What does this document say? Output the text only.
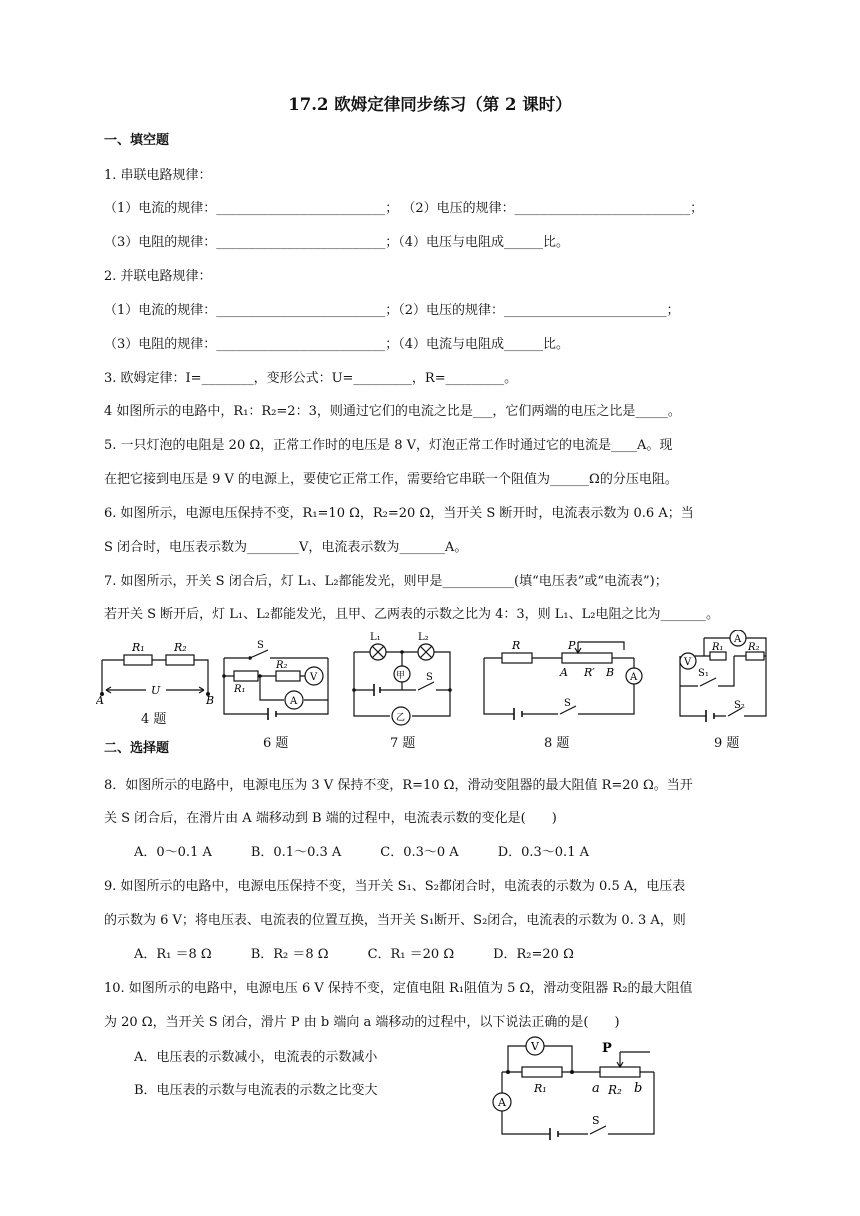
17.2 欧姆定律同步练习（第 2 课时）
一、填空题
1. 串联电路规律：
（1）电流的规律：__________________________； （2）电压的规律：___________________________；
（3）电阻的规律：__________________________；（4）电压与电阻成______比。
2. 并联电路规律：
（1）电流的规律：__________________________；（2）电压的规律：_________________________；
（3）电阻的规律：__________________________；（4）电流与电阻成______比。
3. 欧姆定律：I=________，变形公式：U=_________，R=_________。
4 如图所示的电路中，R₁：R₂=2：3，则通过它们的电流之比是___，它们两端的电压之比是_____。
5. 一只灯泡的电阻是 20 Ω，正常工作时的电压是 8 V，灯泡正常工作时通过它的电流是____A。现
在把它接到电压是 9 V 的电源上，要使它正常工作，需要给它串联一个阻值为______Ω的分压电阻。
6. 如图所示，电源电压保持不变，R₁=10 Ω，R₂=20 Ω，当开关 S 断开时，电流表示数为 0.6 A；当
S 闭合时，电压表示数为________V，电流表示数为_______A。
7. 如图所示，开关 S 闭合后，灯 L₁、L₂都能发光，则甲是___________(填“电压表”或“电流表”)；
若开关 S 断开后，灯 L₁、L₂都能发光，且甲、乙两表的示数之比为 4：3，则 L₁、L₂电阻之比为_______。
R₁	R₂
A
U
B
4 题
二、选择题
S
R₁
R₂
V
A
6 题
L₁	L₂
甲 S
乙
7 题
R	P
A R′ B A
S
8 题
A
V
R₁ R₂
S₁
S₂
9 题
8．如图所示的电路中，电源电压为 3 V 保持不变，R=10 Ω，滑动变阻器的最大阻值 R=20 Ω。当开
关 S 闭合后，在滑片由 A 端移动到 B 端的过程中，电流表示数的变化是(　　)
A．0～0.1 A　　　B．0.1～0.3 A　　　C．0.3～0 A　　　D．0.3～0.1 A
9. 如图所示的电路中，电源电压保持不变，当开关 S₁、S₂都闭合时，电流表的示数为 0.5 A，电压表
的示数为 6 V；将电压表、电流表的位置互换，当开关 S₁断开、S₂闭合，电流表的示数为 0. 3 A，则
A．R₁ ＝8 Ω　　　B．R₂ ＝8 Ω　　　C．R₁ ＝20 Ω　　　D．R₂=20 Ω
10. 如图所示的电路中，电源电压 6 V 保持不变，定值电阻 R₁阻值为 5 Ω，滑动变阻器 R₂的最大阻值
为 20 Ω，当开关 S 闭合，滑片 P 由 b 端向 a 端移动的过程中，以下说法正确的是(　　)
A．电压表的示数减小，电流表的示数减小
B．电压表的示数与电流表的示数之比变大
V	P
A
R₁	a R₂ b
S
